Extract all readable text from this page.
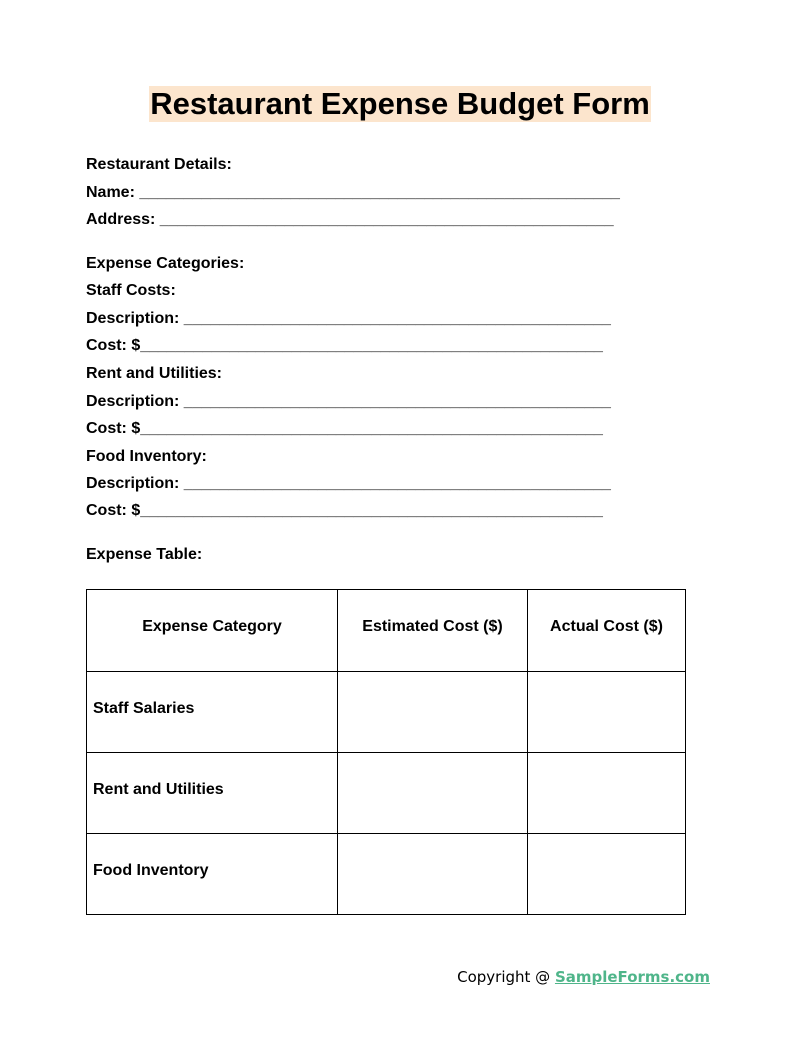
Restaurant Expense Budget Form
Restaurant Details:
Name: ______________________________________________________
Address: ___________________________________________________
Expense Categories:
Staff Costs:
Description: ________________________________________________
Cost: $____________________________________________________
Rent and Utilities:
Description: ________________________________________________
Cost: $____________________________________________________
Food Inventory:
Description: ________________________________________________
Cost: $____________________________________________________
Expense Table:
Expense Category	Estimated Cost ($)	Actual Cost ($)
Staff Salaries		
Rent and Utilities		
Food Inventory		
Copyright @ SampleForms.com
